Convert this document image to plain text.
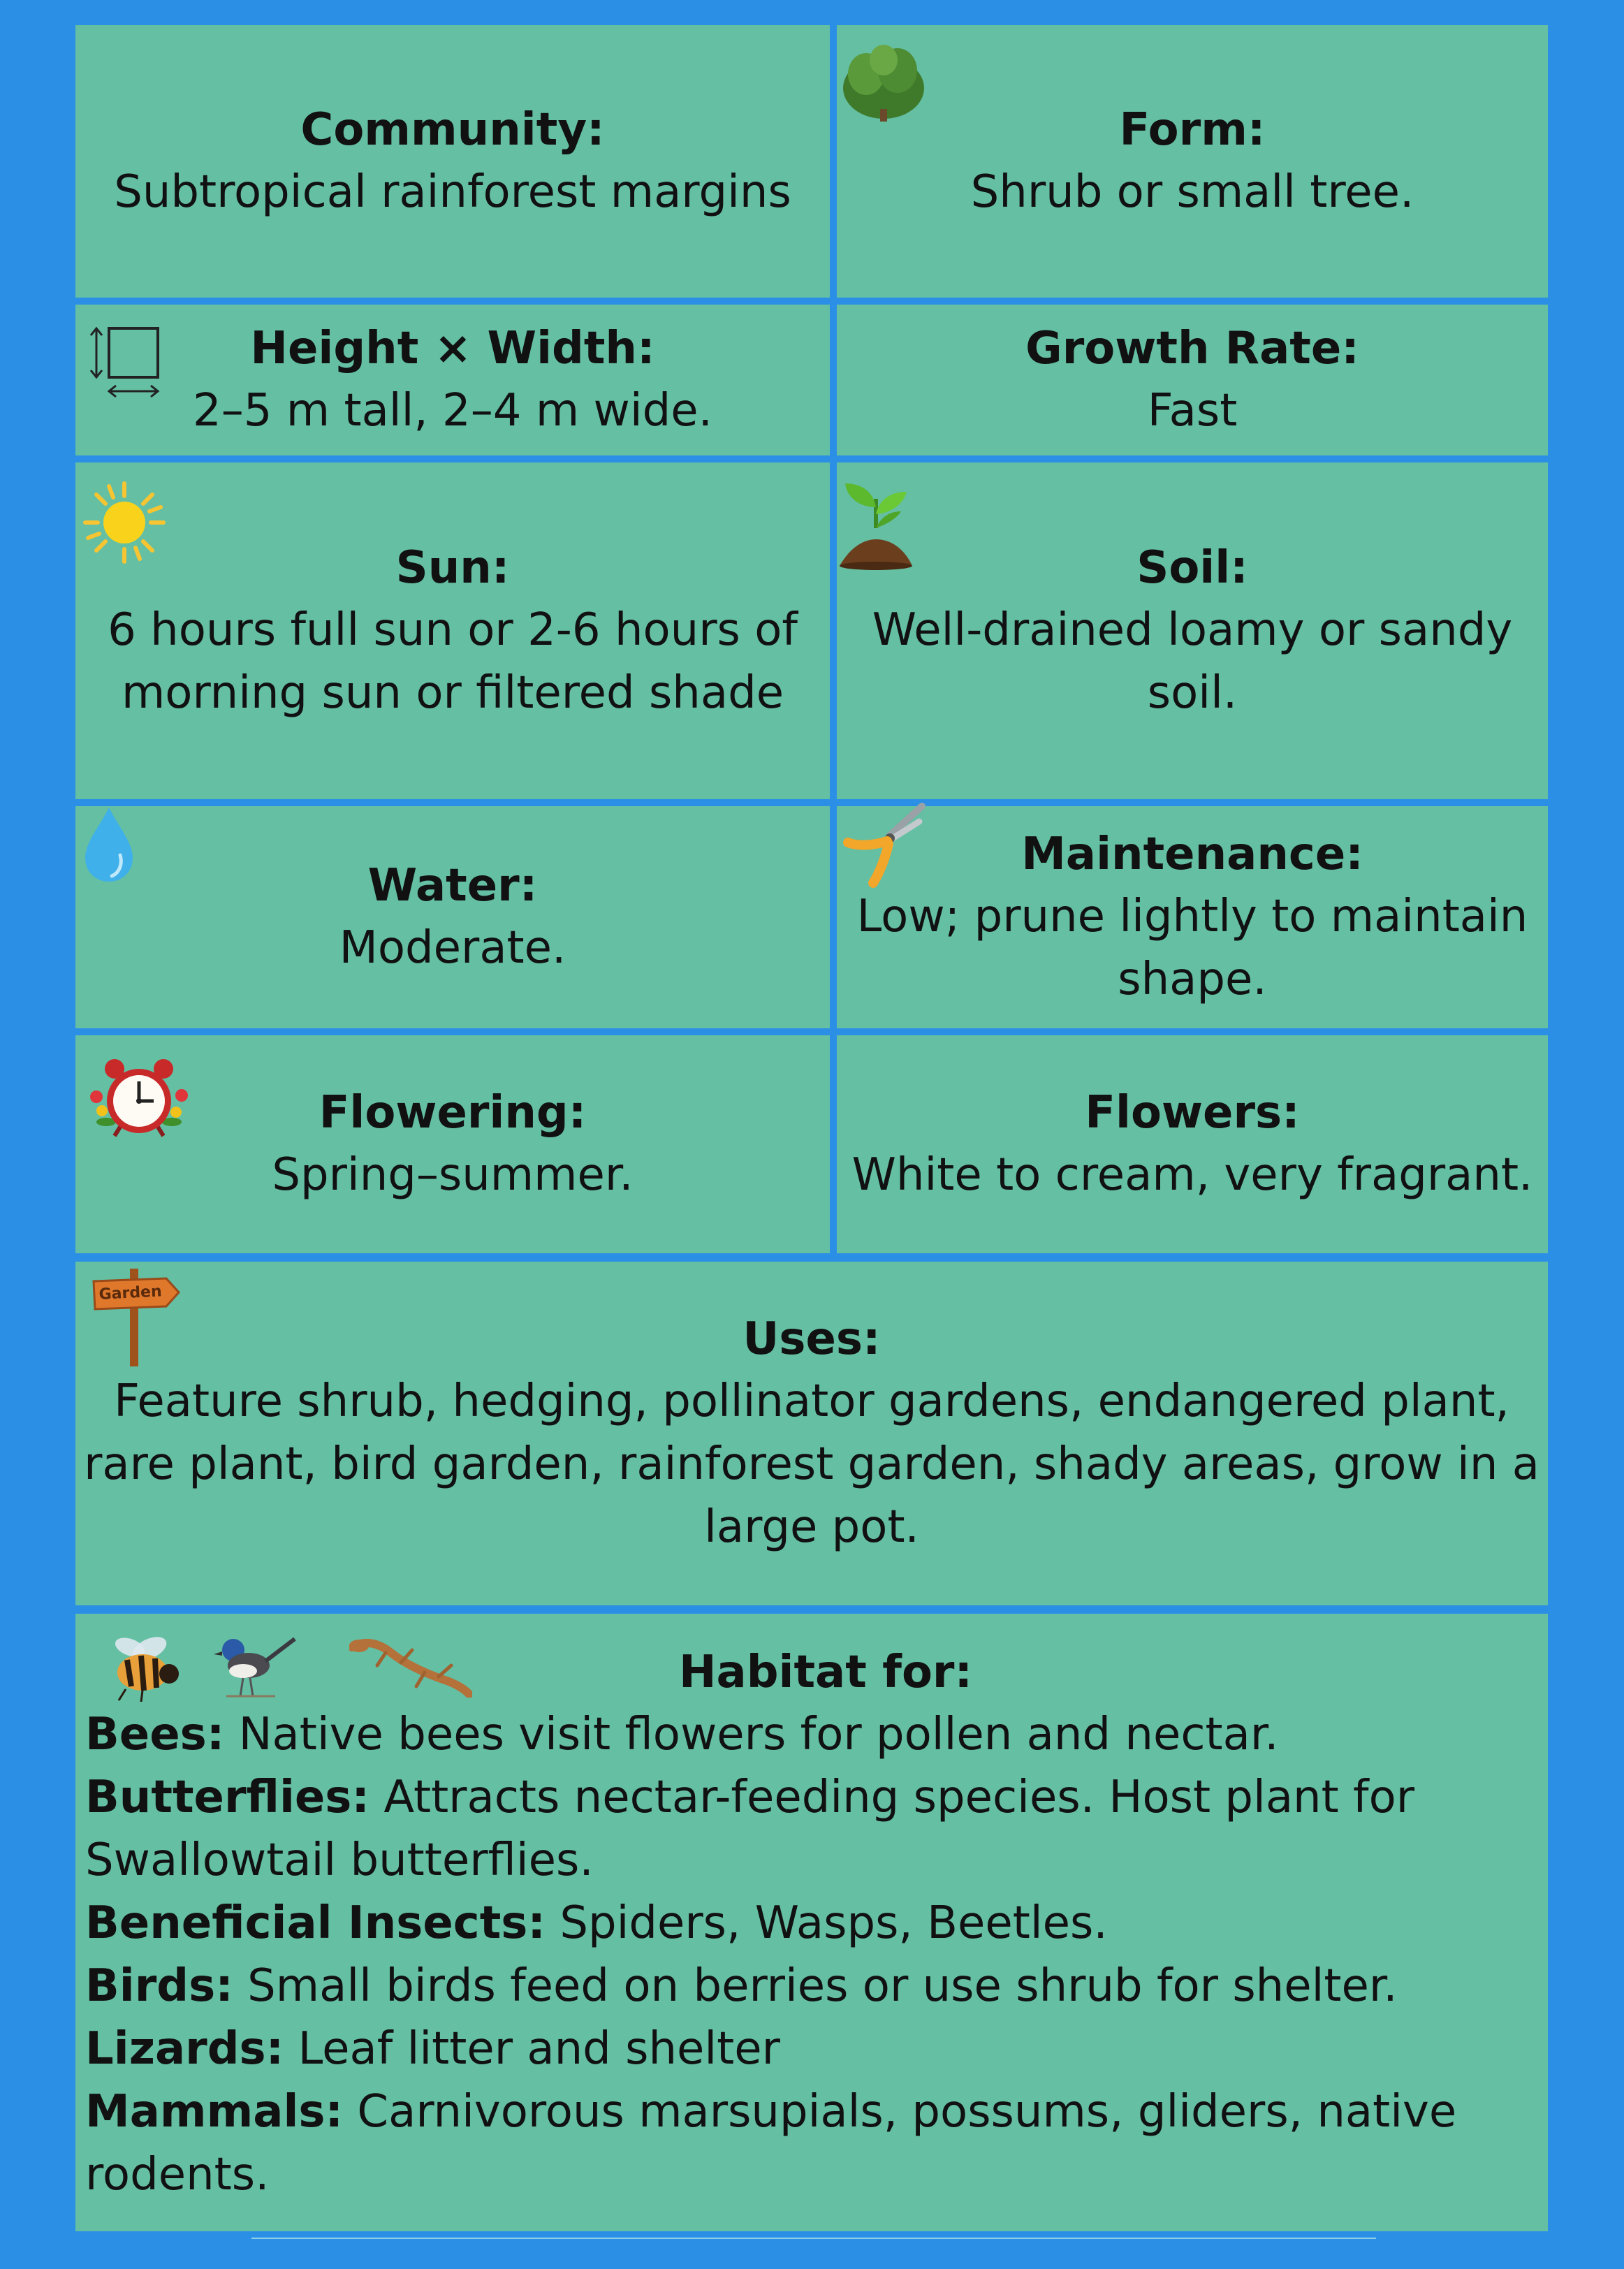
Community:
Subtropical rainforest margins
Form:
Shrub or small tree.
Height × Width:
2–5 m tall, 2–4 m wide.
Growth Rate:
Fast
Sun:
6 hours full sun or 2-6 hours of
morning sun or filtered shade
Soil:
Well-drained loamy or sandy
soil.
Water:
Moderate.
Maintenance:
Low; prune lightly to maintain
shape.
Flowering:
Spring–summer.
Flowers:
White to cream, very fragrant.
Garden
Uses:
Feature shrub, hedging, pollinator gardens, endangered plant,
rare plant, bird garden, rainforest garden, shady areas, grow in a
large pot.
Habitat for:
Bees: Native bees visit flowers for pollen and nectar.
Butterflies: Attracts nectar-feeding species. Host plant for
Swallowtail butterflies.
Beneficial Insects: Spiders, Wasps, Beetles.
Birds: Small birds feed on berries or use shrub for shelter.
Lizards: Leaf litter and shelter
Mammals: Carnivorous marsupials, possums, gliders, native
rodents.
